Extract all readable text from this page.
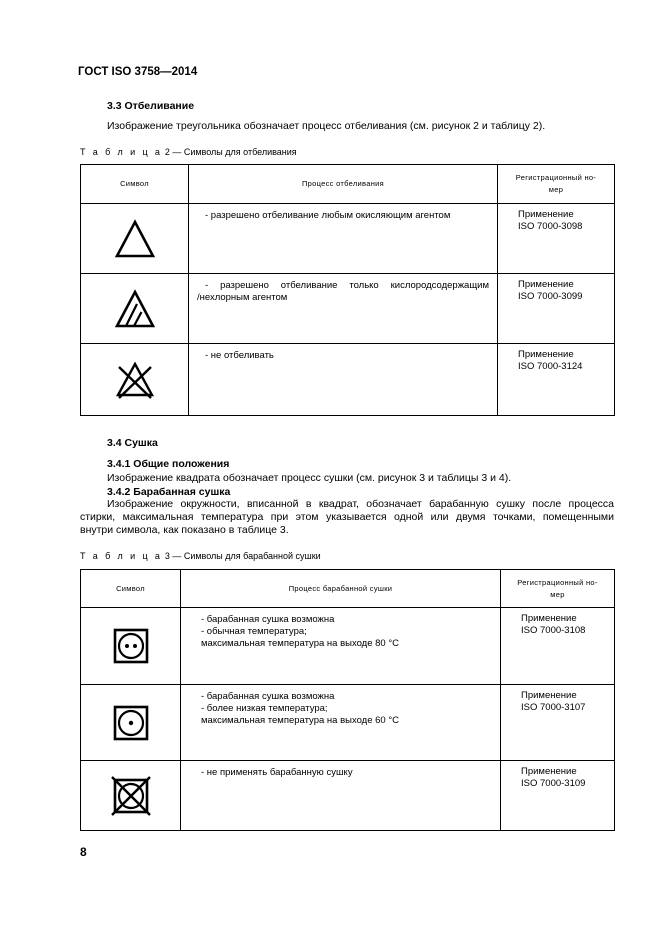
ГОСТ ISO 3758—2014
3.3 Отбеливание
Изображение треугольника обозначает процесс отбеливания (см. рисунок 2 и таблицу 2).
Т а б л и ц а 2 — Символы для отбеливания
Символ	Процесс отбеливания	Регистрационный но-
мер

- разрешено отбеливание любым окисляющим агентом	Применение
ISO 7000-3098

- разрешено отбеливание только кислородсодержащим
/нехлорным агентом	Применение
ISO 7000-3099

- не отбеливать	Применение
ISO 7000-3124
3.4 Сушка
3.4.1 Общие положения
Изображение квадрата обозначает процесс сушки (см. рисунок 3 и таблицы 3 и 4).
3.4.2 Барабанная сушка
Изображение окружности, вписанной в квадрат, обозначает барабанную сушку после процесса
стирки, максимальная температура при этом указывается одной или двумя точками, помещенными
внутри символа, как показано в таблице 3.
Т а б л и ц а 3 — Символы для барабанной сушки
Символ	Процесс барабанной сушки	Регистрационный но-
мер

- барабанная сушка возможна
- обычная температура;
максимальная температура на выходе 80 °С	Применение
ISO 7000-3108

- барабанная сушка возможна
- более низкая температура;
максимальная температура на выходе 60 °С	Применение
ISO 7000-3107

- не применять барабанную сушку	Применение
ISO 7000-3109
8
